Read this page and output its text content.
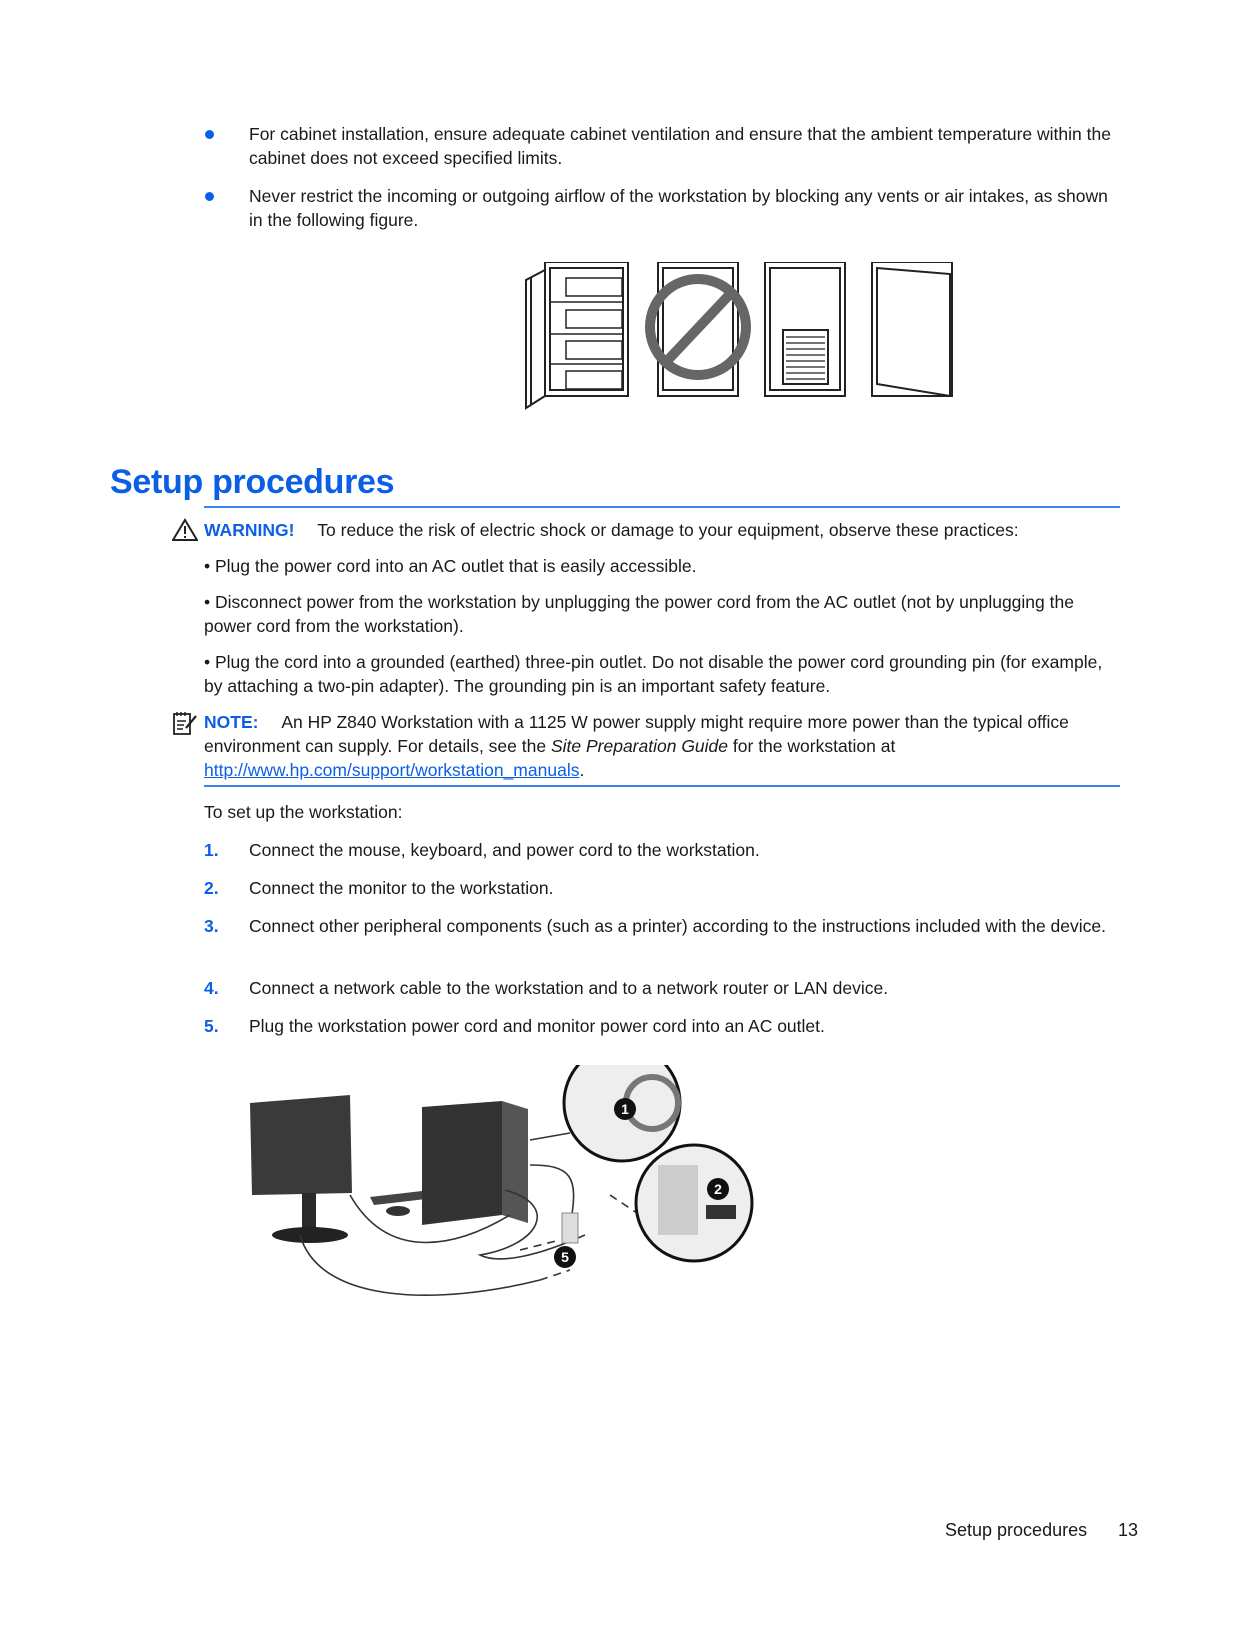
For cabinet installation, ensure adequate cabinet ventilation and ensure that the ambient temperature within the cabinet does not exceed specified limits.
Never restrict the incoming or outgoing airflow of the workstation by blocking any vents or air intakes, as shown in the following figure.
Setup procedures
WARNING! To reduce the risk of electric shock or damage to your equipment, observe these practices:
• Plug the power cord into an AC outlet that is easily accessible.
• Disconnect power from the workstation by unplugging the power cord from the AC outlet (not by unplugging the power cord from the workstation).
• Plug the cord into a grounded (earthed) three-pin outlet. Do not disable the power cord grounding pin (for example, by attaching a two-pin adapter). The grounding pin is an important safety feature.
NOTE: An HP Z840 Workstation with a 1125 W power supply might require more power than the typical office environment can supply. For details, see the Site Preparation Guide for the workstation at http://www.hp.com/support/workstation_manuals.
To set up the workstation:
1. Connect the mouse, keyboard, and power cord to the workstation.
2. Connect the monitor to the workstation.
3. Connect other peripheral components (such as a printer) according to the instructions included with the device.
4. Connect a network cable to the workstation and to a network router or LAN device.
5. Plug the workstation power cord and monitor power cord into an AC outlet.
1
2
5
Setup procedures 13
